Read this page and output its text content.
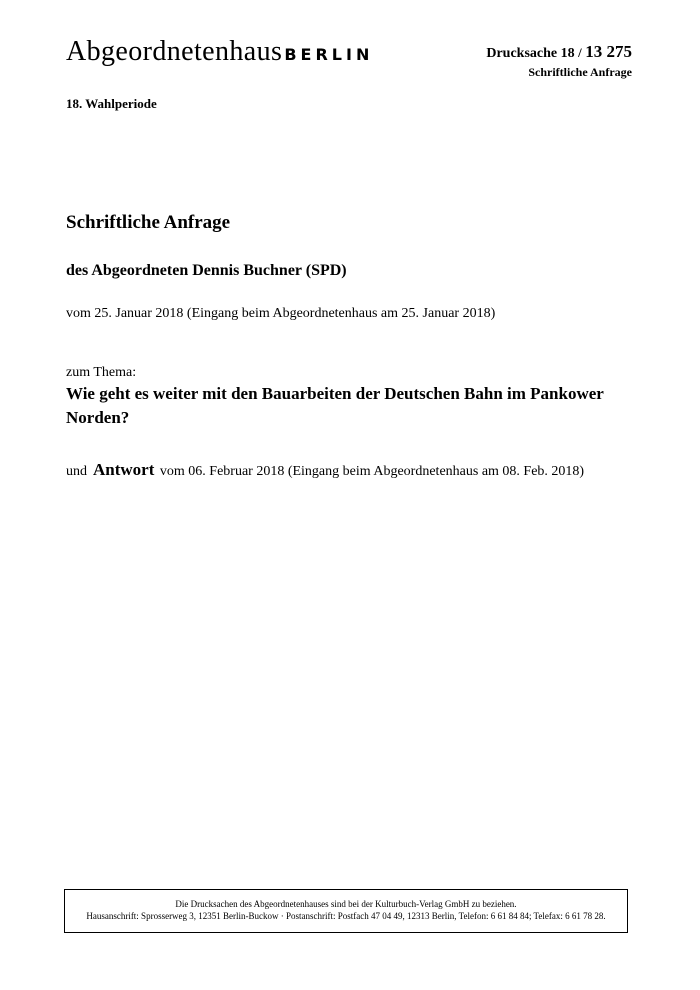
Abgeordnetenhaus BERLIN	Drucksache 18 / 13 275
Schriftliche Anfrage
18. Wahlperiode
Schriftliche Anfrage
des Abgeordneten Dennis Buchner (SPD)
vom 25. Januar 2018 (Eingang beim Abgeordnetenhaus am 25. Januar 2018)
zum Thema:
Wie geht es weiter mit den Bauarbeiten der Deutschen Bahn im Pankower Norden?
und Antwort vom 06. Februar 2018 (Eingang beim Abgeordnetenhaus am 08. Feb. 2018)
Die Drucksachen des Abgeordnetenhauses sind bei der Kulturbuch-Verlag GmbH zu beziehen.
Hausanschrift: Sprosserweg 3, 12351 Berlin-Buckow · Postanschrift: Postfach 47 04 49, 12313 Berlin, Telefon: 6 61 84 84; Telefax: 6 61 78 28.
